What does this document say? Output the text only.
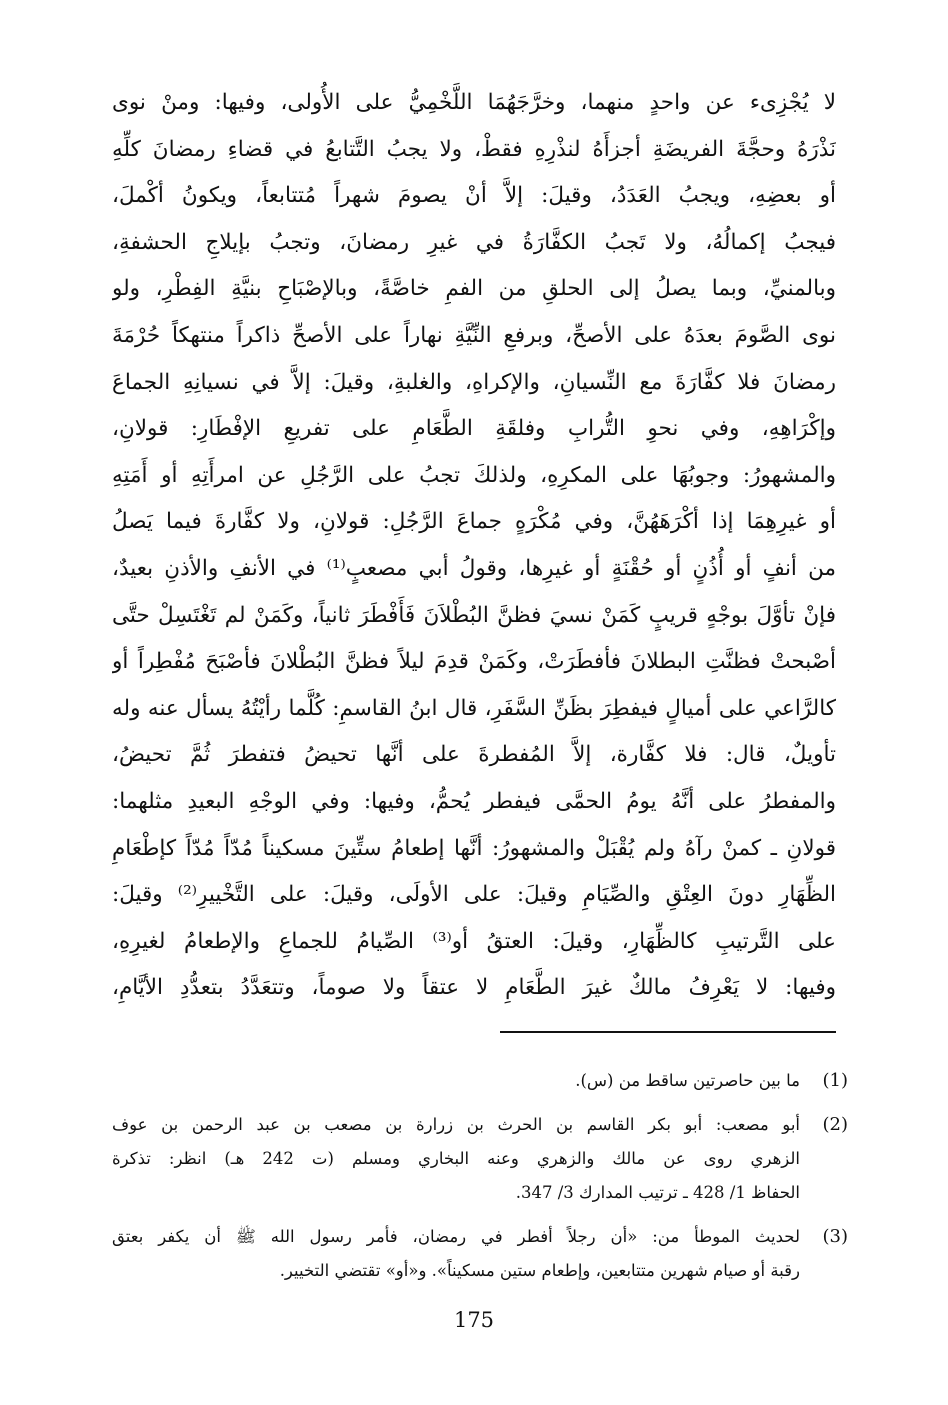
لا يُجْزِىء عن واحدٍ منهما، وخرَّجَهُمَا اللَّخْمِيُّ على الأُولى، وفيها: ومنْ نوى
نَذْرَهُ وحجَّةَ الفريضَةِ أجزأَهُ لنذْرِهِ فقطْ، ولا يجبُ التَّتابعُ في قضاءِ رمضانَ كلِّهِ
أو بعضِهِ، ويجبُ العَدَدُ، وقيلَ: إلاَّ أنْ يصومَ شهراً مُتتابعاً، ويكونُ أكْملَ،
فيجبُ إكمالُهُ، ولا تَجبُ الكفَّارَةُ في غيرِ رمضانَ، وتجبُ بإيلاجِ الحشفةِ،
وبالمنيِّ، وبما يصلُ إلى الحلقِ من الفمِ خاصَّةً، وبالإصْبَاحِ بنيَّةِ الفِطْرِ، ولو
نوى الصَّومَ بعدَهُ على الأصحِّ، وبرفعِ النِّيَّةِ نهاراً على الأصحِّ ذاكراً منتهكاً حُرْمَةَ
رمضانَ فلا كفَّارَةَ مع النِّسيانِ، والإكراهِ، والغلبةِ، وقيلَ: إلاَّ في نسيانِهِ الجماعَ
وإكْرَاهِهِ، وفي نحوِ التُّرابِ وفلقَةِ الطَّعَامِ على تفريعِ الإفْطَارِ: قولانِ،
والمشهورُ: وجوبُهَا على المكرِهِ، ولذلكَ تجبُ على الرَّجُلِ عن امرأَتِهِ أو أَمَتِهِ
أو غيرِهِمَا إذا أكْرَهَهُنَّ، وفي مُكْرَهٍ جماعَ الرَّجُلِ: قولانِ، ولا كفَّارةَ فيما يَصلُ
من أنفٍ أو أُذُنٍ أو حُقْنَةٍ أو غيرِها، وقولُ أبي مصعبٍ⁽¹⁾ في الأنفِ والأذنِ بعيدٌ،
فإنْ تأوَّلَ بوجْهٍ قريبٍ كَمَنْ نسيَ فظنَّ البُطْلاَنَ فَأَفْطَرَ ثانياً، وكَمَنْ لم تَغْتَسِلْ حتَّى
أصْبحتْ فظنَّتِ البطلانَ فأفطَرَتْ، وكَمَنْ قدِمَ ليلاً فظنَّ البُطْلانَ فأصْبَحَ مُفْطِراً أو
كالرَّاعي على أميالٍ فيفطِرَ بظَنِّ السَّفَرِ، قال ابنُ القاسمِ: كُلَّما رأيْتُهُ يسأل عنه وله
تأويلٌ، قال: فلا كفَّارة، إلاَّ المُفطرةَ على أنَّها تحيضُ فتفطرَ ثُمَّ تحيضُ،
والمفطرُ على أنَّهُ يومُ الحمَّى فيفطر يُحمُّ، وفيها: وفي الوجْهِ البعيدِ مثلهما:
قولانِ ـ كمنْ رآهُ ولم يُقْبَلْ والمشهورُ: أنَّها إطعامُ ستِّينَ مسكيناً مُدّاً مُدّاً كإطْعَامِ
الظِّهَارِ دونَ العِتْقِ والصِّيَامِ وقيلَ: على الأولَى، وقيلَ: على التَّخْييرِ⁽²⁾ وقيلَ:
على التَّرتيبِ كالظِّهَارِ، وقيلَ: العتقُ أو⁽³⁾ الصِّيامُ للجماعِ والإطعامُ لغيرِهِ،
وفيها: لا يَعْرِفُ مالكٌ غيرَ الطَّعَامِ لا عتقاً ولا صوماً، وتتعَدَّدُ بتعدُّدِ الأيَّامِ،
(1)
ما بين حاصرتين ساقط من (س).
(2)
أبو مصعب: أبو بكر القاسم بن الحرث بن زرارة بن مصعب بن عبد الرحمن بن عوف
الزهري روى عن مالك والزهري وعنه البخاري ومسلم (ت 242 هـ) انظر: تذكرة
الحفاظ 1/ 428 ـ ترتيب المدارك 3/ 347.
(3)
لحديث الموطأ من: «أن رجلاً أفطر في رمضان، فأمر رسول الله ﷺ أن يكفر بعتق
رقبة أو صيام شهرين متتابعين، وإطعام ستين مسكيناً». و«أو» تقتضي التخيير.
175
